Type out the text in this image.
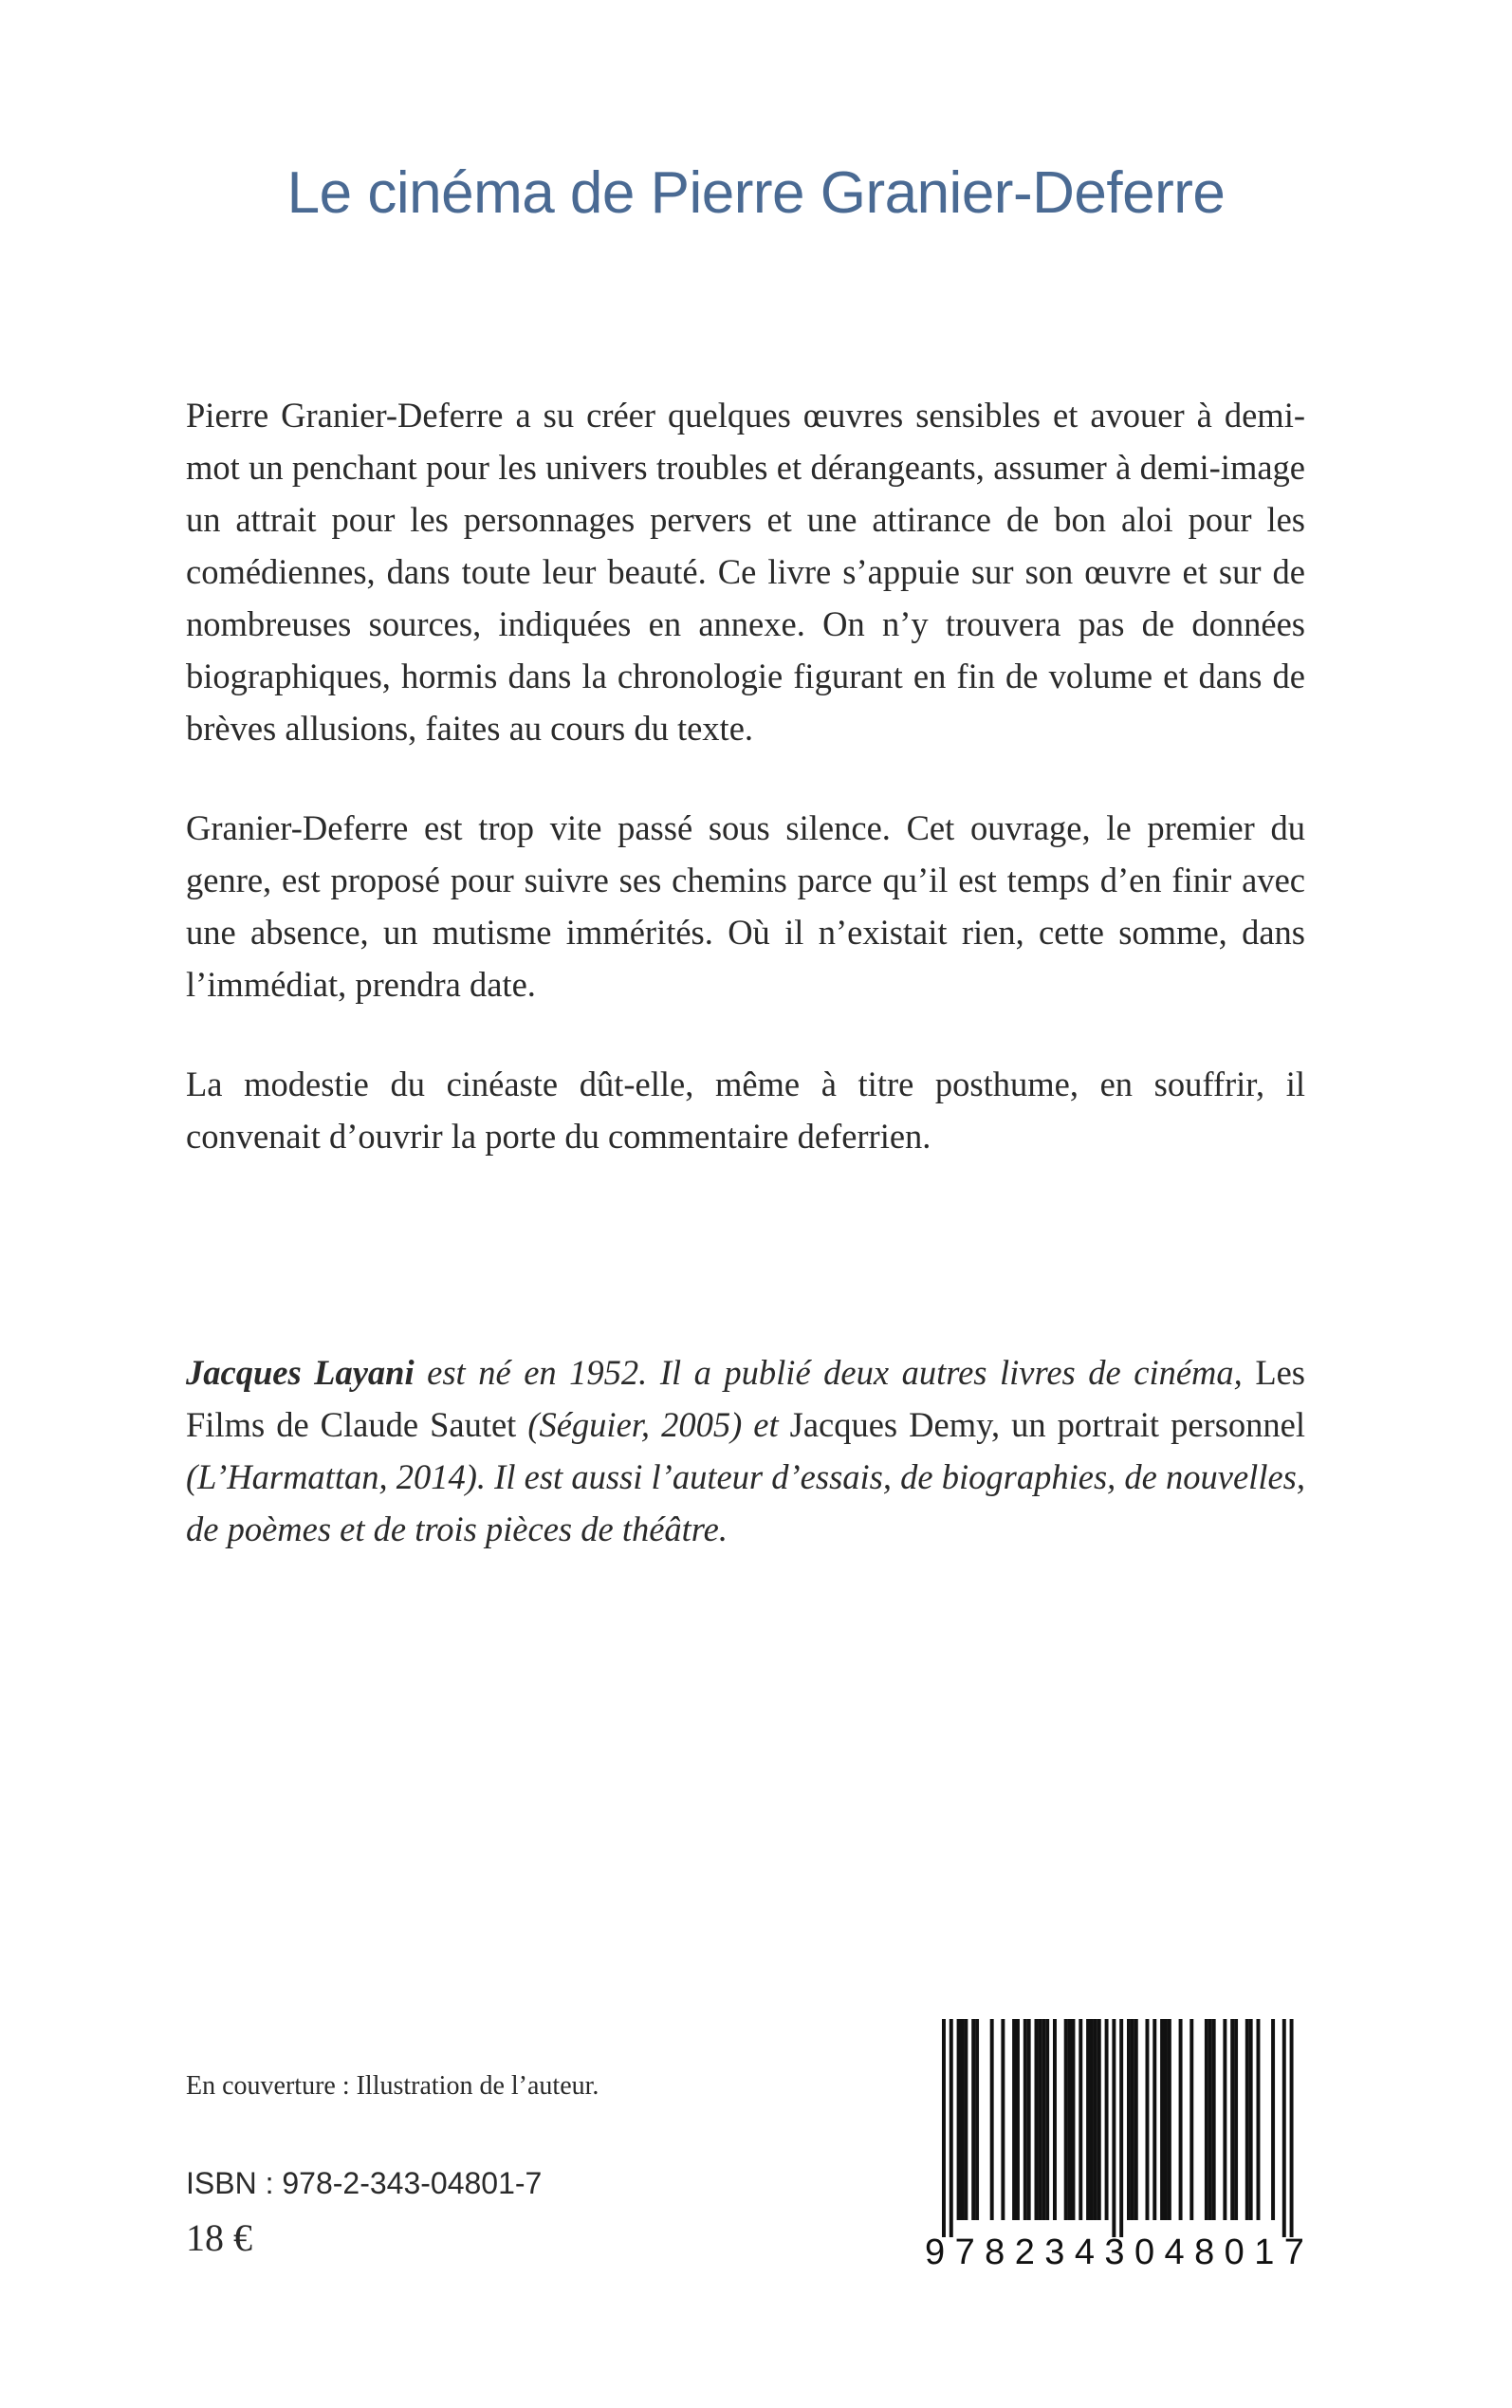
Le cinéma de Pierre Granier-Deferre

Pierre Granier-Deferre a su créer quelques œuvres sensibles et avouer à demi-mot un penchant pour les univers troubles et dérangeants, assumer à demi-image un attrait pour les personnages pervers et une attirance de bon aloi pour les comédiennes, dans toute leur beauté. Ce livre s’appuie sur son œuvre et sur de nombreuses sources, indiquées en annexe. On n’y trouvera pas de données biographiques, hormis dans la chronologie figurant en fin de volume et dans de brèves allusions, faites au cours du texte.

Granier-Deferre est trop vite passé sous silence. Cet ouvrage, le premier du genre, est proposé pour suivre ses chemins parce qu’il est temps d’en finir avec une absence, un mutisme immérités. Où il n’existait rien, cette somme, dans l’immédiat, prendra date.

La modestie du cinéaste dût-elle, même à titre posthume, en souffrir, il convenait d’ouvrir la porte du commentaire deferrien.

Jacques Layani est né en 1952. Il a publié deux autres livres de cinéma, Les Films de Claude Sautet (Séguier, 2005) et Jacques Demy, un portrait personnel (L’Harmattan, 2014). Il est aussi l’auteur d’essais, de biographies, de nouvelles, de poèmes et de trois pièces de théâtre.

En couverture : Illustration de l’auteur.

ISBN : 978-2-343-04801-7

18 €	9 7 8 2 3 4 3 0 4 8 0 1 7
